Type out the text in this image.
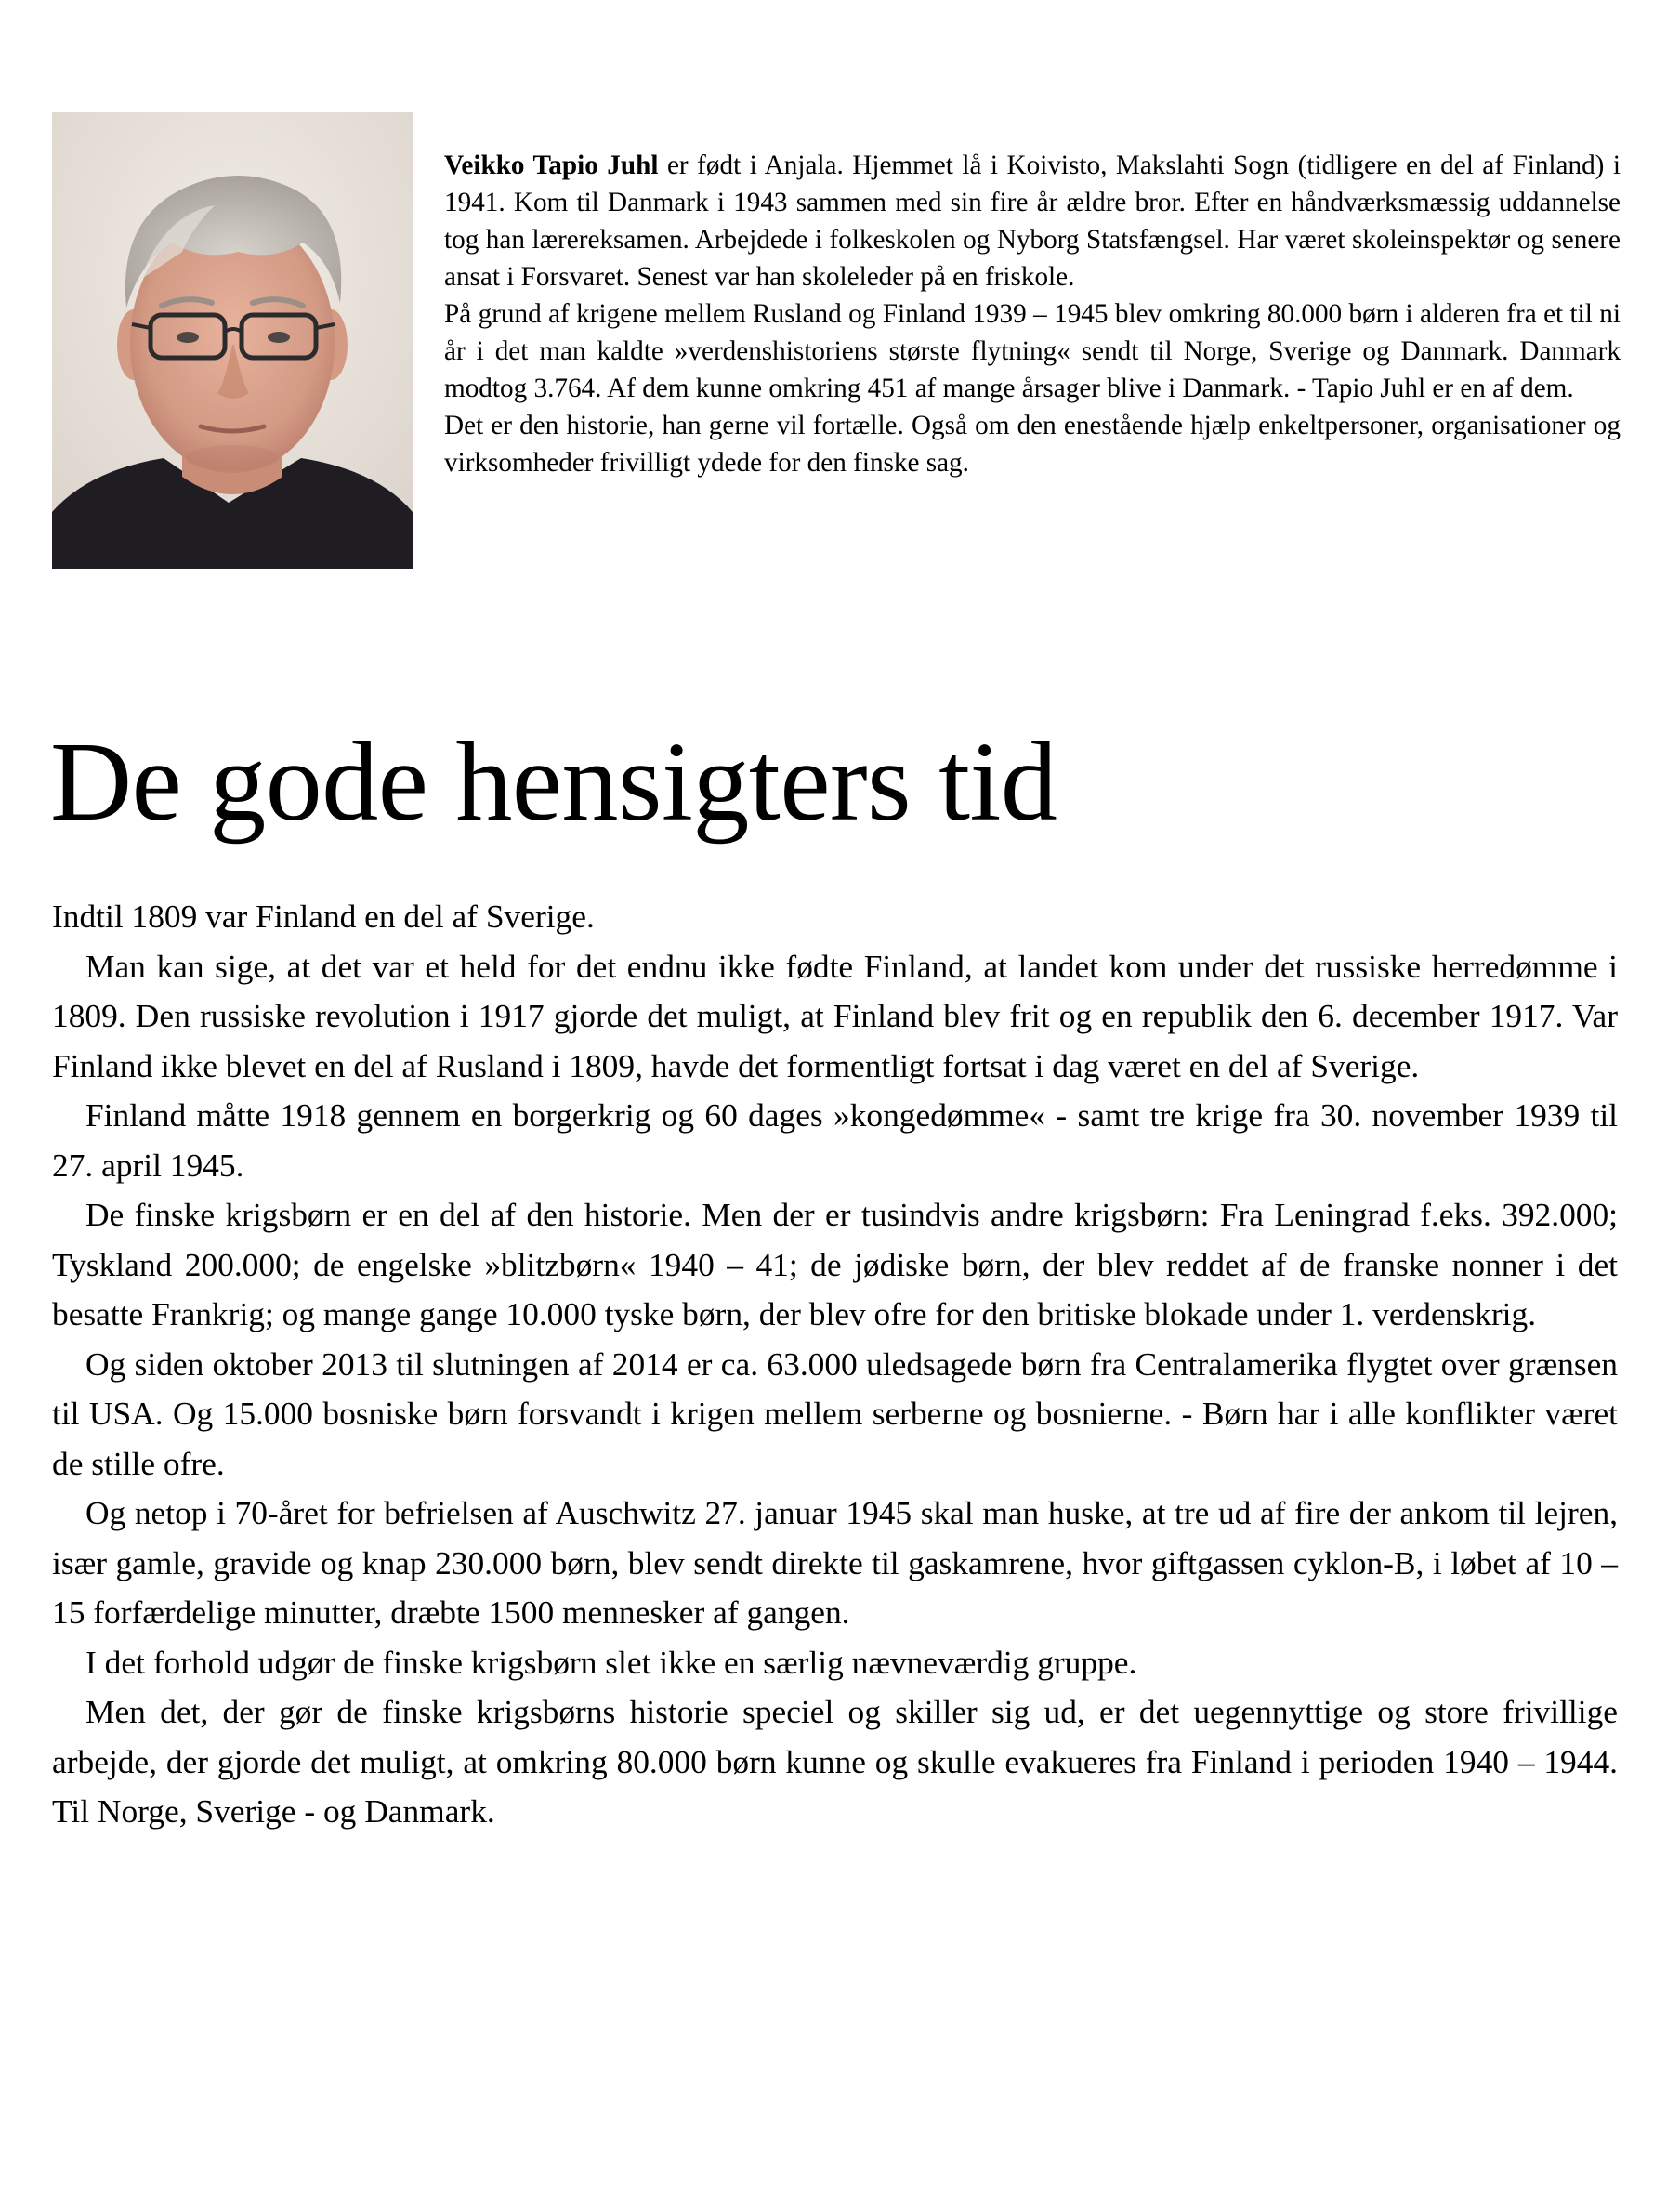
Veikko Tapio Juhl er født i Anjala. Hjemmet lå i Koivisto, Makslahti Sogn (tidligere en del af Finland) i 1941. Kom til Danmark i 1943 sammen med sin fire år ældre bror. Efter en håndværksmæssig uddannelse tog han lærereksamen. Arbejdede i folkeskolen og Nyborg Statsfængsel. Har været skoleinspektør og senere ansat i Forsvaret. Senest var han skoleleder på en friskole.

På grund af krigene mellem Rusland og Finland 1939 – 1945 blev omkring 80.000 børn i alderen fra et til ni år i det man kaldte »verdenshistoriens største flytning« sendt til Norge, Sverige og Danmark. Danmark modtog 3.764. Af dem kunne omkring 451 af mange årsager blive i Danmark. - Tapio Juhl er en af dem.

Det er den historie, han gerne vil fortælle. Også om den enestående hjælp enkeltpersoner, organisationer og virksomheder frivilligt ydede for den finske sag.

De gode hensigters tid

Indtil 1809 var Finland en del af Sverige.

Man kan sige, at det var et held for det endnu ikke fødte Finland, at landet kom under det russiske herredømme i 1809. Den russiske revolution i 1917 gjorde det muligt, at Finland blev frit og en republik den 6. december 1917. Var Finland ikke blevet en del af Rusland i 1809, havde det formentligt fortsat i dag været en del af Sverige.

Finland måtte 1918 gennem en borgerkrig og 60 dages »kongedømme« - samt tre krige fra 30. november 1939 til 27. april 1945.

De finske krigsbørn er en del af den historie. Men der er tusindvis andre krigsbørn: Fra Leningrad f.eks. 392.000; Tyskland 200.000; de engelske »blitzbørn« 1940 – 41; de jødiske børn, der blev reddet af de franske nonner i det besatte Frankrig; og mange gange 10.000 tyske børn, der blev ofre for den britiske blokade under 1. verdenskrig.

Og siden oktober 2013 til slutningen af 2014 er ca. 63.000 uledsagede børn fra Centralamerika flygtet over grænsen til USA. Og 15.000 bosniske børn forsvandt i krigen mellem serberne og bosnierne. - Børn har i alle konflikter været de stille ofre.

Og netop i 70-året for befrielsen af Auschwitz 27. januar 1945 skal man huske, at tre ud af fire der ankom til lejren, især gamle, gravide og knap 230.000 børn, blev sendt direkte til gaskamrene, hvor giftgassen cyklon-B, i løbet af 10 – 15 forfærdelige minutter, dræbte 1500 mennesker af gangen.

I det forhold udgør de finske krigsbørn slet ikke en særlig nævneværdig gruppe.

Men det, der gør de finske krigsbørns historie speciel og skiller sig ud, er det uegennyttige og store frivillige arbejde, der gjorde det muligt, at omkring 80.000 børn kunne og skulle evakueres fra Finland i perioden 1940 – 1944. Til Norge, Sverige - og Danmark.
